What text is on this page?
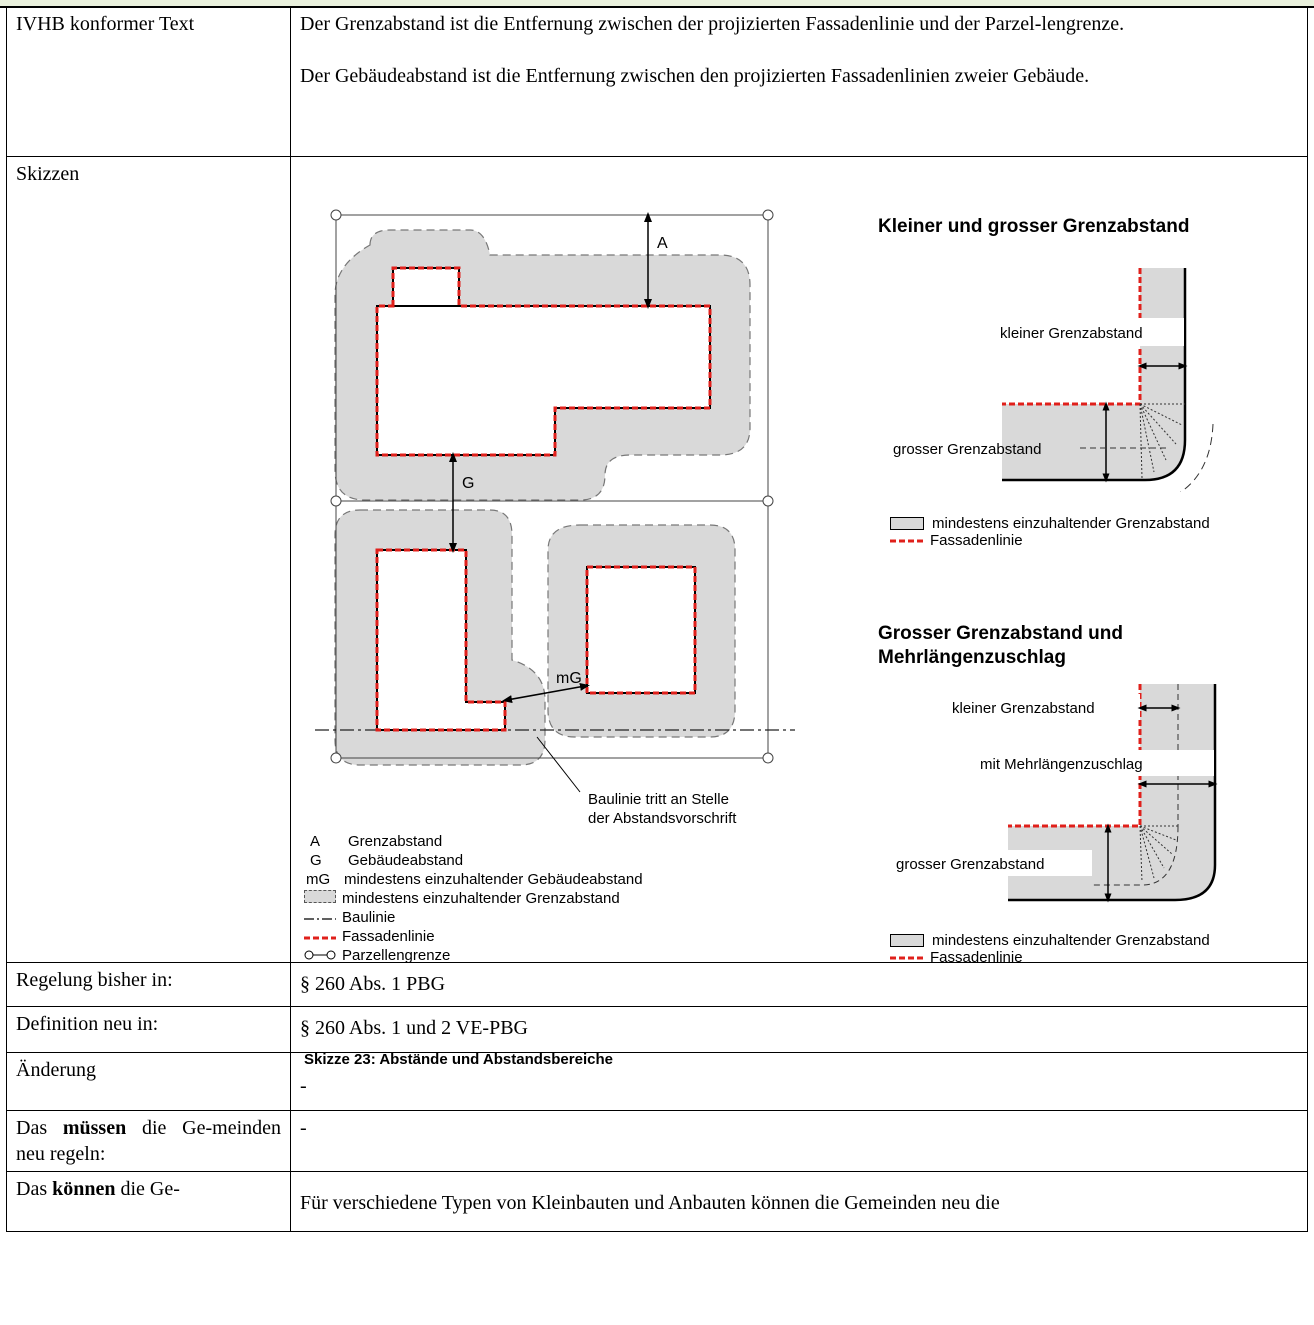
IVHB konformer Text	Der Grenzabstand ist die Entfernung zwischen der projizierten Fassadenlinie und der Parzel-lengrenze.

Der Gebäudeabstand ist die Entfernung zwischen den projizierten Fassadenlinien zweier Gebäude.

Skizzen	
Regelung bisher in:	§ 260 Abs. 1 PBG
Definition neu in:	§ 260 Abs. 1 und 2 VE-PBG
Änderung	-
Das müssen die Ge-meinden neu regeln:	-
Das können die Ge-	Für verschiedene Typen von Kleinbauten und Anbauten können die Gemeinden neu die
A
G
mG
Baulinie tritt an Stelle
der Abstandsvorschrift
A	Grenzabstand
G	Gebäudeabstand
mG mindestens einzuhaltender Gebäudeabstand
mindestens einzuhaltender Grenzabstand
Baulinie
Fassadenlinie
Parzellengrenze
Kleiner und grosser Grenzabstand
kleiner Grenzabstand
grosser Grenzabstand
mindestens einzuhaltender Grenzabstand
Fassadenlinie
Grosser Grenzabstand und
Mehrlängenzuschlag
kleiner Grenzabstand
mit Mehrlängenzuschlag
grosser Grenzabstand
mindestens einzuhaltender Grenzabstand
Fassadenlinie
Skizze 23: Abstände und Abstandsbereiche
